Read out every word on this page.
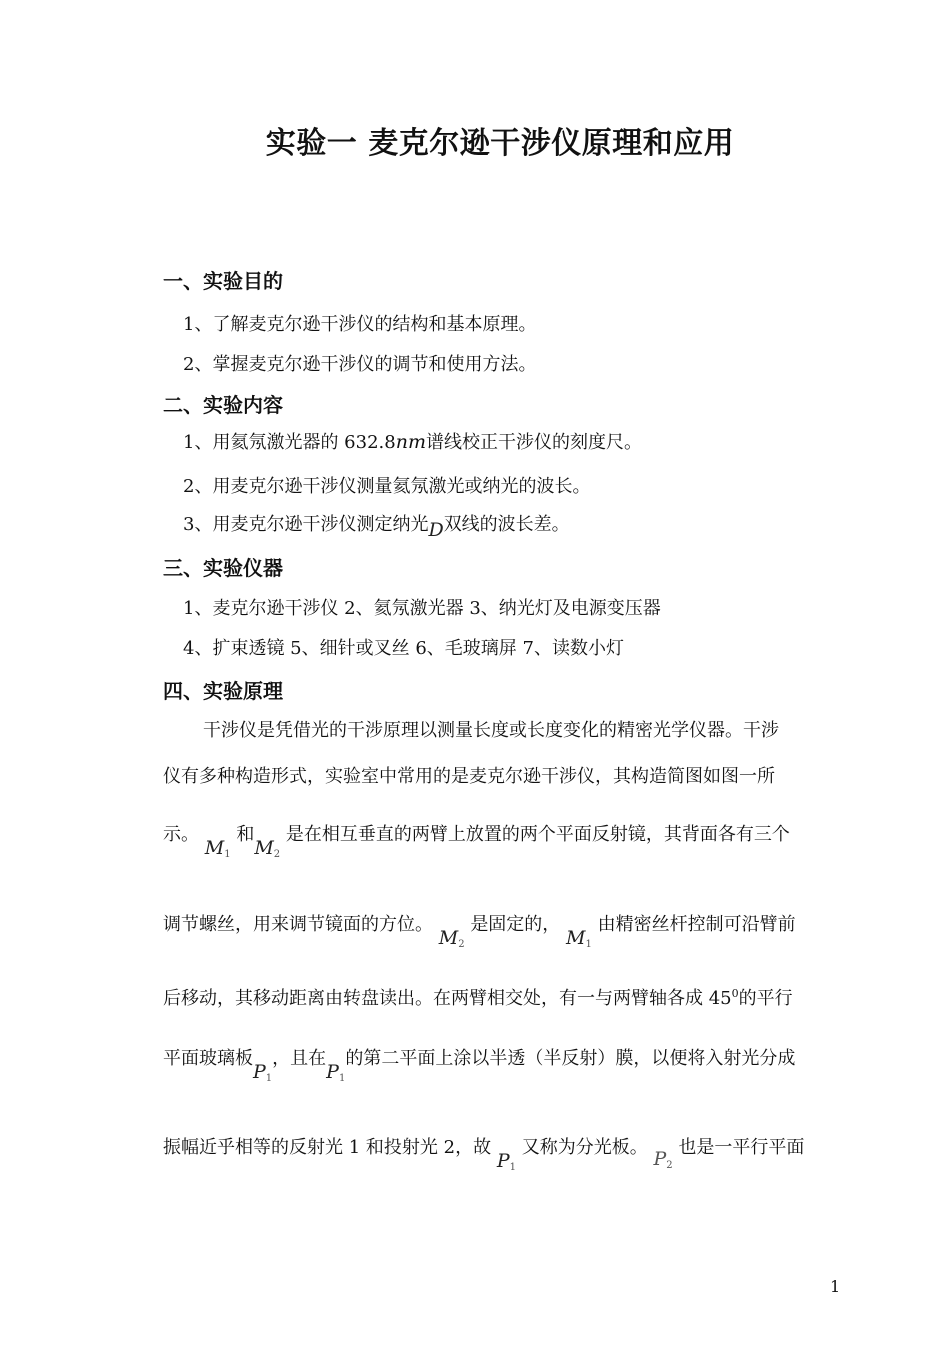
实验一 麦克尔逊干涉仪原理和应用
一、实验目的
1、了解麦克尔逊干涉仪的结构和基本原理。
2、掌握麦克尔逊干涉仪的调节和使用方法。
二、实验内容
1、用氦氖激光器的 632.8nm谱线校正干涉仪的刻度尺。
2、用麦克尔逊干涉仪测量氦氖激光或纳光的波长。
3、用麦克尔逊干涉仪测定纳光D双线的波长差。
三、实验仪器
1、麦克尔逊干涉仪 2、氦氖激光器 3、纳光灯及电源变压器
4、扩束透镜 5、细针或叉丝 6、毛玻璃屏 7、读数小灯
四、实验原理
干涉仪是凭借光的干涉原理以测量长度或长度变化的精密光学仪器。干涉
仪有多种构造形式，实验室中常用的是麦克尔逊干涉仪，其构造简图如图一所
示。 $M_1$ 和$M_2$ 是在相互垂直的两臂上放置的两个平面反射镜，其背面各有三个
调节螺丝，用来调节镜面的方位。 $M_2$ 是固定的， $M_1$ 由精密丝杆控制可沿臂前
后移动，其移动距离由转盘读出。在两臂相交处，有一与两臂轴各成 $45^0$的平行
平面玻璃板$P_1$，且在$P_1$的第二平面上涂以半透（半反射）膜，以便将入射光分成
振幅近乎相等的反射光 1 和投射光 2，故 $P_1$ 又称为分光板。 $P_2$ 也是一平行平面
1
